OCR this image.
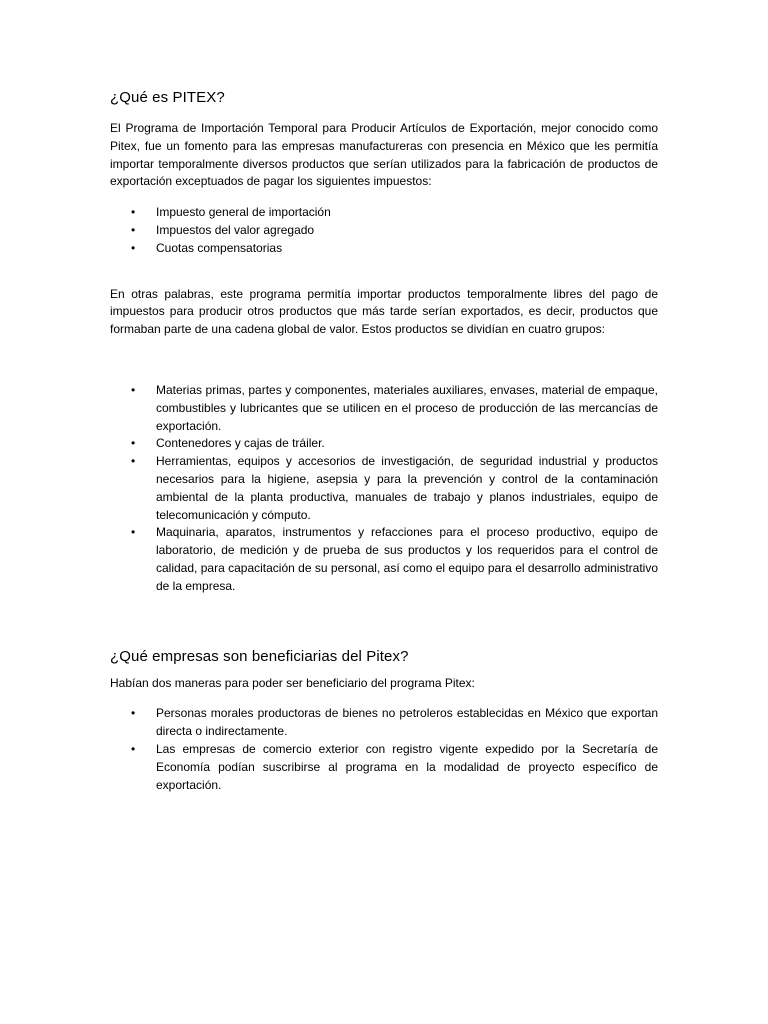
¿Qué es PITEX?

El Programa de Importación Temporal para Producir Artículos de Exportación, mejor conocido como Pitex, fue un fomento para las empresas manufactureras con presencia en México que les permitía importar temporalmente diversos productos que serían utilizados para la fabricación de productos de exportación exceptuados de pagar los siguientes impuestos:

• Impuesto general de importación
• Impuestos del valor agregado
• Cuotas compensatorias

En otras palabras, este programa permitía importar productos temporalmente libres del pago de impuestos para producir otros productos que más tarde serían exportados, es decir, productos que formaban parte de una cadena global de valor. Estos productos se dividían en cuatro grupos:

• Materias primas, partes y componentes, materiales auxiliares, envases, material de empaque, combustibles y lubricantes que se utilicen en el proceso de producción de las mercancías de exportación.
• Contenedores y cajas de tráiler.
• Herramientas, equipos y accesorios de investigación, de seguridad industrial y productos necesarios para la higiene, asepsia y para la prevención y control de la contaminación ambiental de la planta productiva, manuales de trabajo y planos industriales, equipo de telecomunicación y cómputo.
• Maquinaria, aparatos, instrumentos y refacciones para el proceso productivo, equipo de laboratorio, de medición y de prueba de sus productos y los requeridos para el control de calidad, para capacitación de su personal, así como el equipo para el desarrollo administrativo de la empresa.
¿Qué empresas son beneficiarias del Pitex?

Habían dos maneras para poder ser beneficiario del programa Pitex:

• Personas morales productoras de bienes no petroleros establecidas en México que exportan directa o indirectamente.
• Las empresas de comercio exterior con registro vigente expedido por la Secretaría de Economía podían suscribirse al programa en la modalidad de proyecto específico de exportación.
